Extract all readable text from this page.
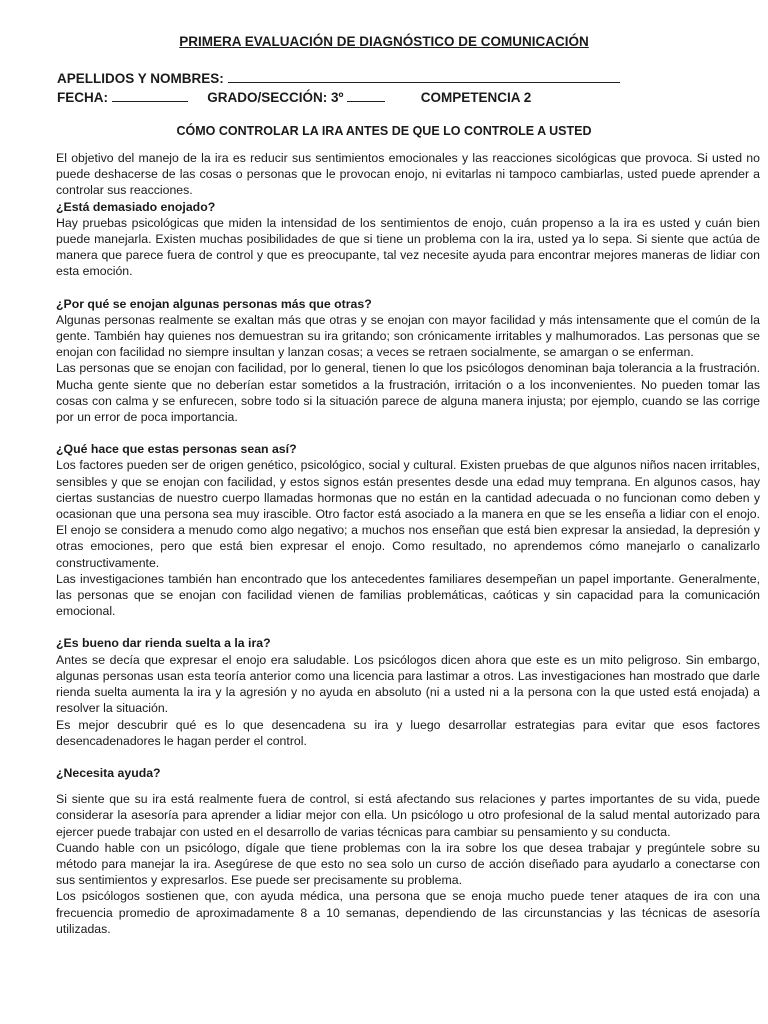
PRIMERA EVALUACIÓN DE DIAGNÓSTICO DE COMUNICACIÓN
APELLIDOS Y NOMBRES:
FECHA:	GRADO/SECCIÓN: 3º	COMPETENCIA 2
CÓMO CONTROLAR LA IRA ANTES DE QUE LO CONTROLE A USTED

El objetivo del manejo de la ira es reducir sus sentimientos emocionales y las reacciones sicológicas que provoca. Si usted no puede deshacerse de las cosas o personas que le provocan enojo, ni evitarlas ni tampoco cambiarlas, usted puede aprender a controlar sus reacciones.

¿Está demasiado enojado?

Hay pruebas psicológicas que miden la intensidad de los sentimientos de enojo, cuán propenso a la ira es usted y cuán bien puede manejarla. Existen muchas posibilidades de que si tiene un problema con la ira, usted ya lo sepa. Si siente que actúa de manera que parece fuera de control y que es preocupante, tal vez necesite ayuda para encontrar mejores maneras de lidiar con esta emoción.

¿Por qué se enojan algunas personas más que otras?

Algunas personas realmente se exaltan más que otras y se enojan con mayor facilidad y más intensamente que el común de la gente. También hay quienes nos demuestran su ira gritando; son crónicamente irritables y malhumorados. Las personas que se enojan con facilidad no siempre insultan y lanzan cosas; a veces se retraen socialmente, se amargan o se enferman.

Las personas que se enojan con facilidad, por lo general, tienen lo que los psicólogos denominan baja tolerancia a la frustración. Mucha gente siente que no deberían estar sometidos a la frustración, irritación o a los inconvenientes. No pueden tomar las cosas con calma y se enfurecen, sobre todo si la situación parece de alguna manera injusta; por ejemplo, cuando se las corrige por un error de poca importancia.

¿Qué hace que estas personas sean así?

Los factores pueden ser de origen genético, psicológico, social y cultural. Existen pruebas de que algunos niños nacen irritables, sensibles y que se enojan con facilidad, y estos signos están presentes desde una edad muy temprana. En algunos casos, hay ciertas sustancias de nuestro cuerpo llamadas hormonas que no están en la cantidad adecuada o no funcionan como deben y ocasionan que una persona sea muy irascible. Otro factor está asociado a la manera en que se les enseña a lidiar con el enojo. El enojo se considera a menudo como algo negativo; a muchos nos enseñan que está bien expresar la ansiedad, la depresión y otras emociones, pero que está bien expresar el enojo. Como resultado, no aprendemos cómo manejarlo o canalizarlo constructivamente.

Las investigaciones también han encontrado que los antecedentes familiares desempeñan un papel importante. Generalmente, las personas que se enojan con facilidad vienen de familias problemáticas, caóticas y sin capacidad para la comunicación emocional.

¿Es bueno dar rienda suelta a la ira?

Antes se decía que expresar el enojo era saludable. Los psicólogos dicen ahora que este es un mito peligroso. Sin embargo, algunas personas usan esta teoría anterior como una licencia para lastimar a otros. Las investigaciones han mostrado que darle rienda suelta aumenta la ira y la agresión y no ayuda en absoluto (ni a usted ni a la persona con la que usted está enojada) a resolver la situación.

Es mejor descubrir qué es lo que desencadena su ira y luego desarrollar estrategias para evitar que esos factores desencadenadores le hagan perder el control.

¿Necesita ayuda?

Si siente que su ira está realmente fuera de control, si está afectando sus relaciones y partes importantes de su vida, puede considerar la asesoría para aprender a lidiar mejor con ella. Un psicólogo u otro profesional de la salud mental autorizado para ejercer puede trabajar con usted en el desarrollo de varias técnicas para cambiar su pensamiento y su conducta.

Cuando hable con un psicólogo, dígale que tiene problemas con la ira sobre los que desea trabajar y pregúntele sobre su método para manejar la ira. Asegúrese de que esto no sea solo un curso de acción diseñado para ayudarlo a conectarse con sus sentimientos y expresarlos. Ese puede ser precisamente su problema.

Los psicólogos sostienen que, con ayuda médica, una persona que se enoja mucho puede tener ataques de ira con una frecuencia promedio de aproximadamente 8 a 10 semanas, dependiendo de las circunstancias y las técnicas de asesoría utilizadas.
